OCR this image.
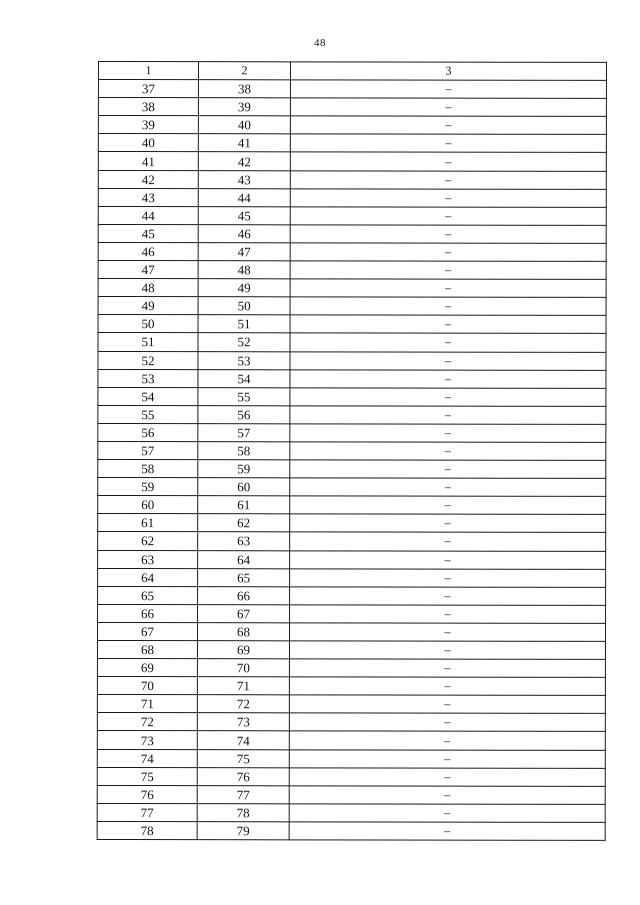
48
1	2	3
37	38	–
38	39	–
39	40	–
40	41	–
41	42	–
42	43	–
43	44	–
44	45	–
45	46	–
46	47	–
47	48	–
48	49	–
49	50	–
50	51	–
51	52	–
52	53	–
53	54	–
54	55	–
55	56	–
56	57	–
57	58	–
58	59	–
59	60	–
60	61	–
61	62	–
62	63	–
63	64	–
64	65	–
65	66	–
66	67	–
67	68	–
68	69	–
69	70	–
70	71	–
71	72	–
72	73	–
73	74	–
74	75	–
75	76	–
76	77	–
77	78	–
78	79	–
